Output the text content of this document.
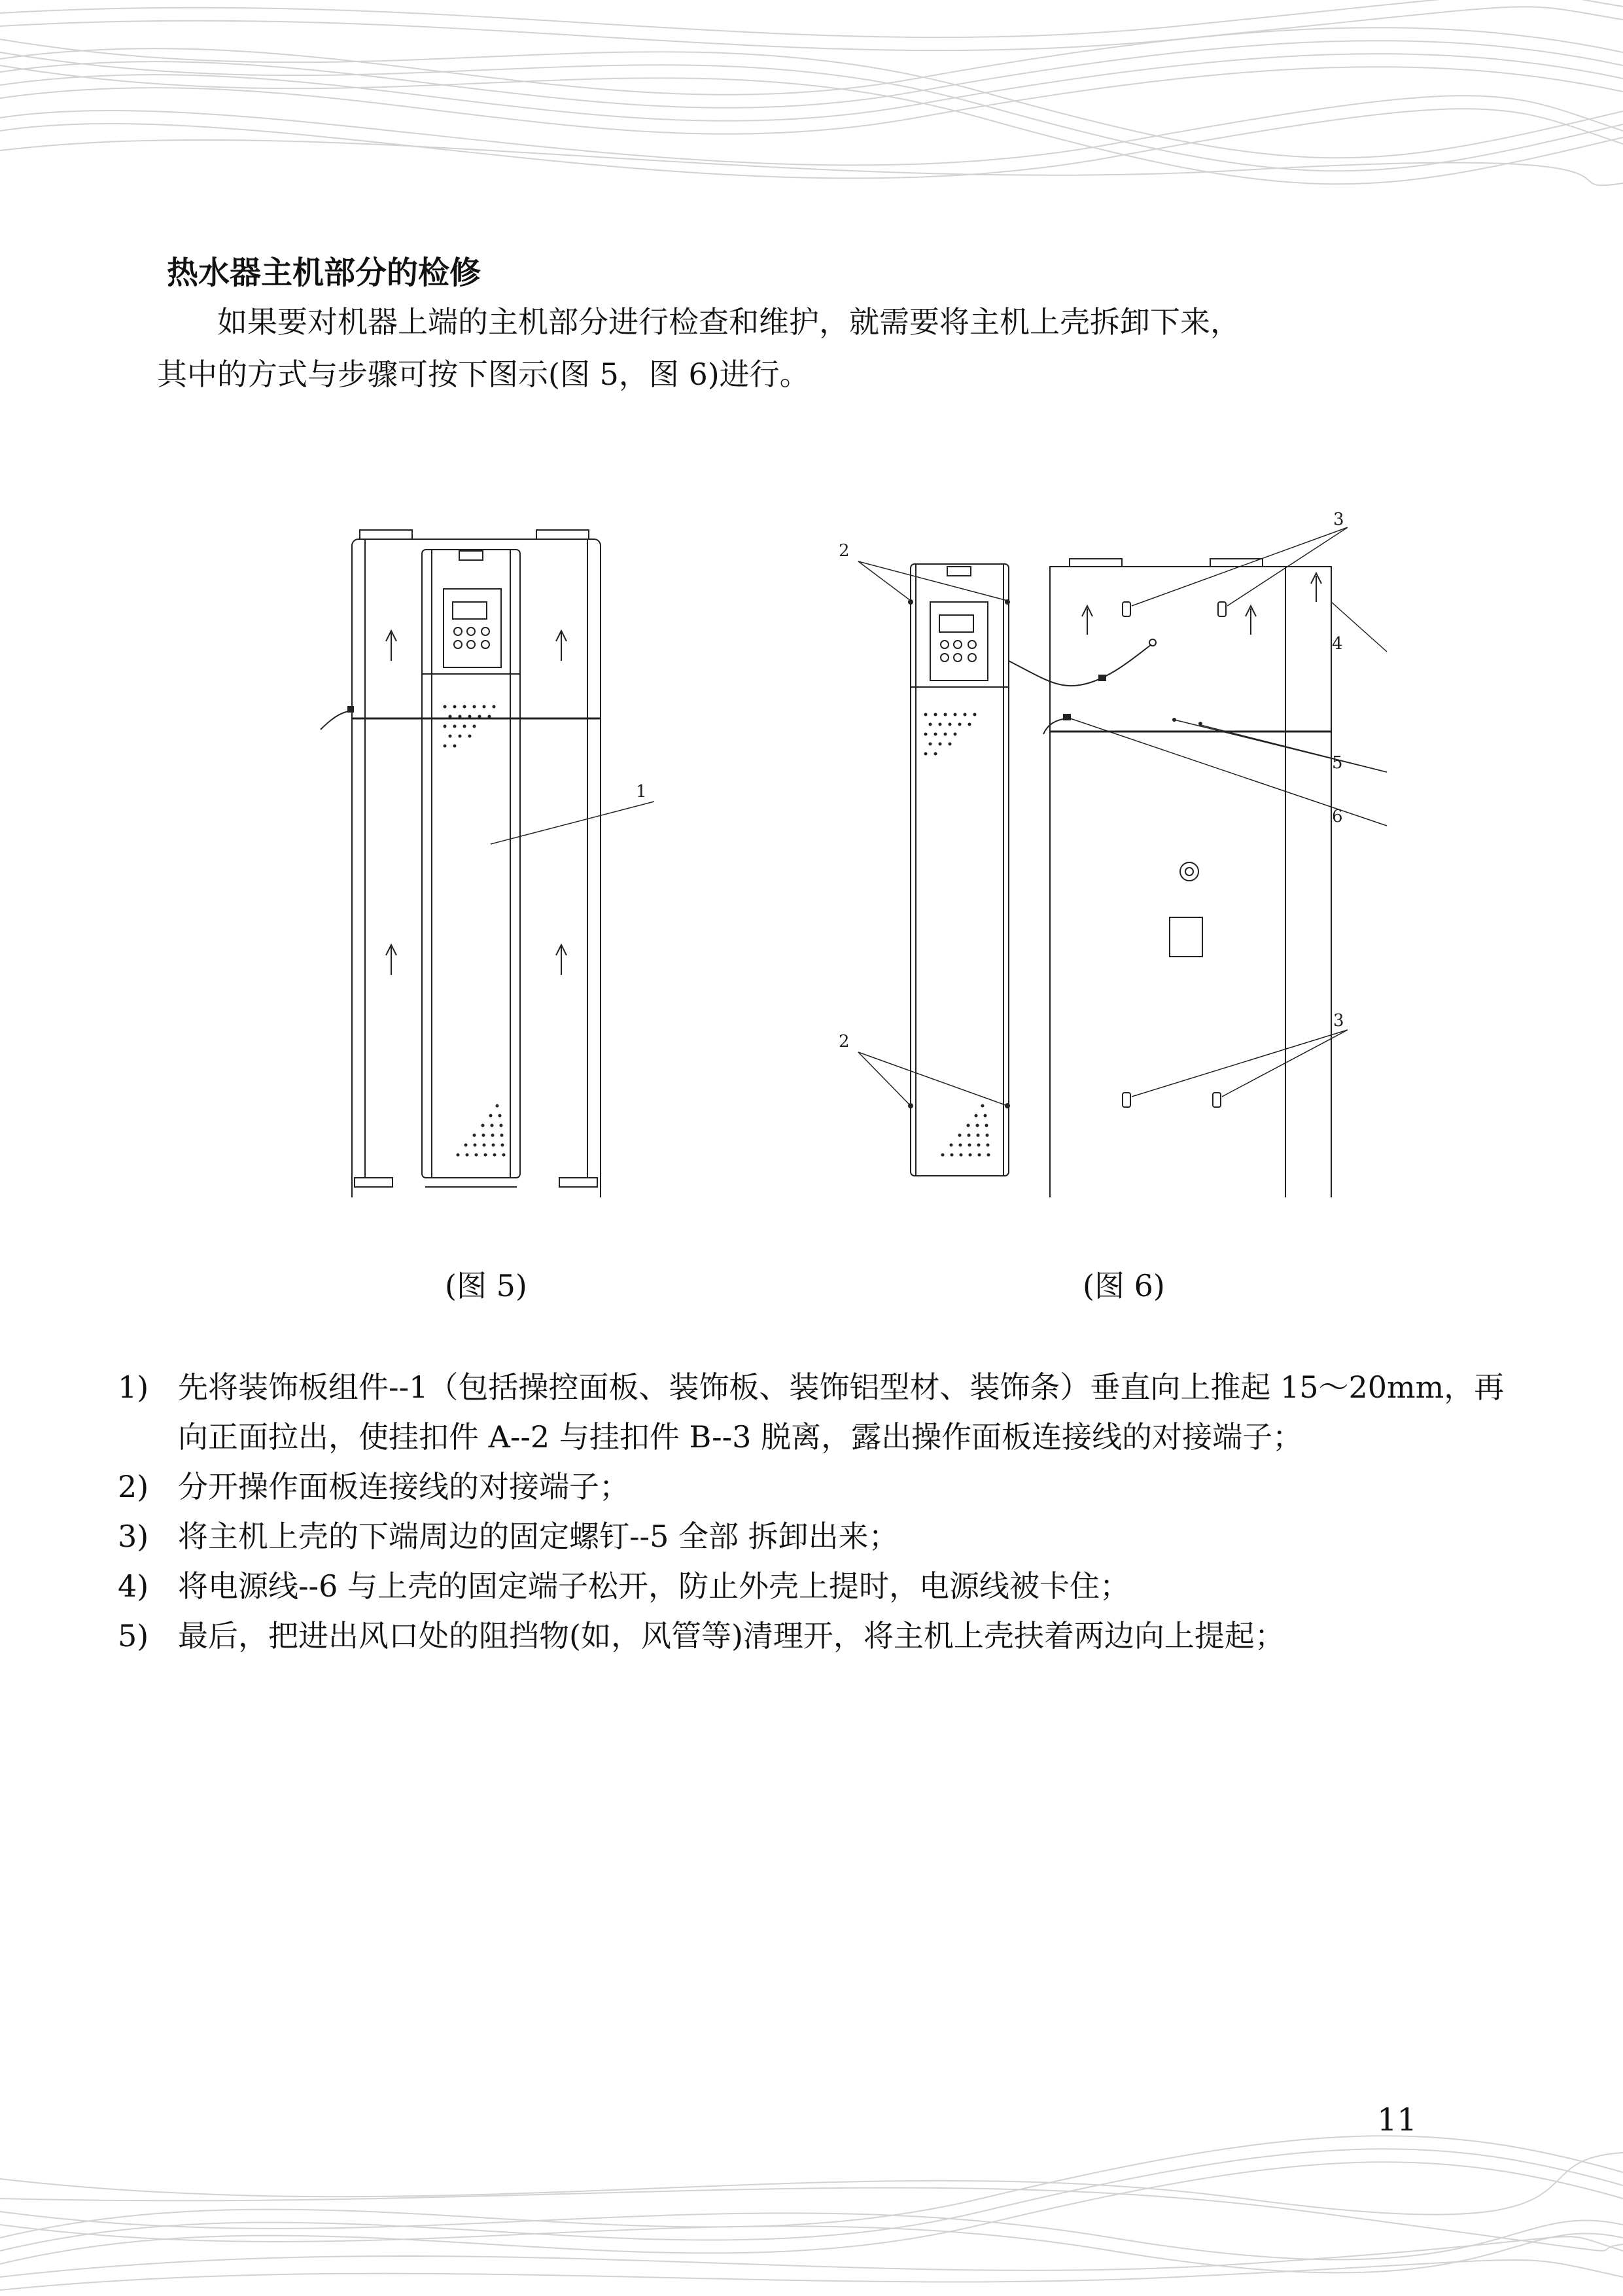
热水器主机部分的检修

如果要对机器上端的主机部分进行检查和维护，就需要将主机上壳拆卸下来，
其中的方式与步骤可按下图示(图 5，图 6)进行。

1
2
2
3
3
4
5
6
(图 5)	(图 6)
1) 先将装饰板组件--1（包括操控面板、装饰板、装饰铝型材、装饰条）垂直向上推起 15～20mm，再向正面拉出，使挂扣件 A--2 与挂扣件 B--3 脱离，露出操作面板连接线的对接端子；
2) 分开操作面板连接线的对接端子；
3) 将主机上壳的下端周边的固定螺钉--5 全部 拆卸出来；
4) 将电源线--6 与上壳的固定端子松开，防止外壳上提时，电源线被卡住；
5) 最后，把进出风口处的阻挡物(如，风管等)清理开，将主机上壳扶着两边向上提起；
11
